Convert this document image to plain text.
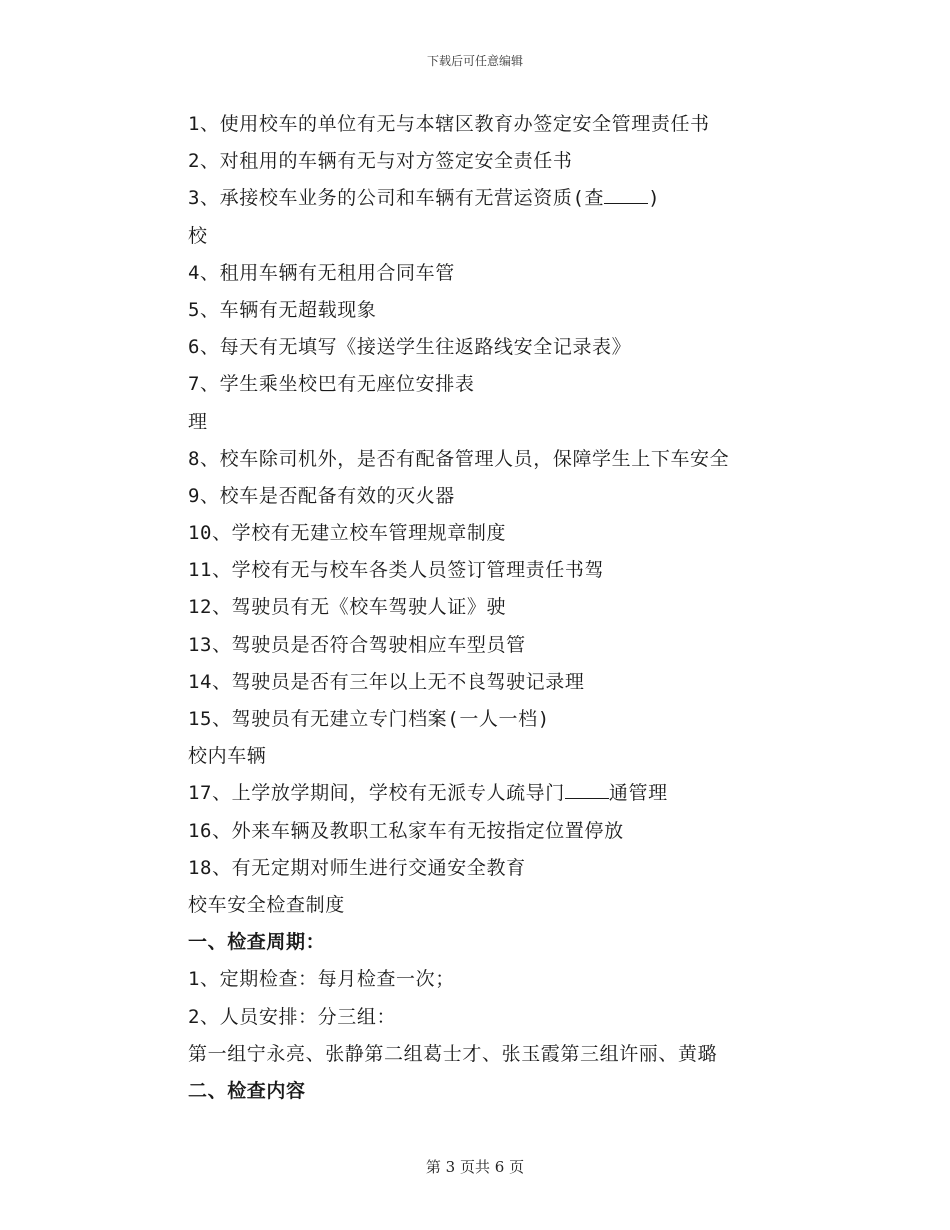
下载后可任意编辑
1、使用校车的单位有无与本辖区教育办签定安全管理责任书
2、对租用的车辆有无与对方签定安全责任书
3、承接校车业务的公司和车辆有无营运资质(查 )
校
4、租用车辆有无租用合同车管
5、车辆有无超载现象
6、每天有无填写《接送学生往返路线安全记录表》
7、学生乘坐校巴有无座位安排表
理
8、校车除司机外，是否有配备管理人员，保障学生上下车安全
9、校车是否配备有效的灭火器
10、学校有无建立校车管理规章制度
11、学校有无与校车各类人员签订管理责任书驾
12、驾驶员有无《校车驾驶人证》驶
13、驾驶员是否符合驾驶相应车型员管
14、驾驶员是否有三年以上无不良驾驶记录理
15、驾驶员有无建立专门档案(一人一档)
校内车辆
17、上学放学期间，学校有无派专人疏导门 通管理
16、外来车辆及教职工私家车有无按指定位置停放
18、有无定期对师生进行交通安全教育
校车安全检查制度
一、检查周期：
1、定期检查：每月检查一次；
2、人员安排：分三组：
第一组宁永亮、张静第二组葛士才、张玉霞第三组许丽、黄璐
二、检查内容
第 3 页共 6 页
